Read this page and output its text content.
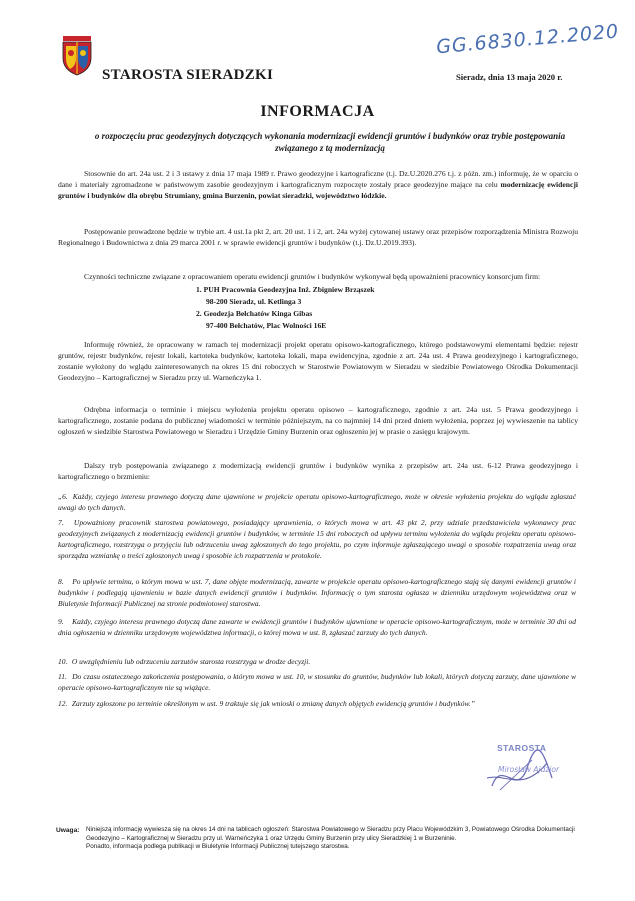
GG.6830.12.2020
STAROSTA SIERADZKI	Sieradz, dnia 13 maja 2020 r.
INFORMACJA
o rozpoczęciu prac geodezyjnych dotyczących wykonania modernizacji ewidencji gruntów i budynków oraz trybie postępowania związanego z tą modernizacją

Stosownie do art. 24a ust. 2 i 3 ustawy z dnia 17 maja 1989 r. Prawo geodezyjne i kartograficzne (t.j. Dz.U.2020.276 t.j. z późn. zm.) informuję, że w oparciu o dane i materiały zgromadzone w państwowym zasobie geodezyjnym i kartograficznym rozpoczęte zostały prace geodezyjne mające na celu modernizację ewidencji gruntów i budynków dla obrębu Strumiany, gmina Burzenin, powiat sieradzki, województwo łódzkie.

Postępowanie prowadzone będzie w trybie art. 4 ust.1a pkt 2, art. 20 ust. 1 i 2, art. 24a wyżej cytowanej ustawy oraz przepisów rozporządzenia Ministra Rozwoju Regionalnego i Budownictwa z dnia 29 marca 2001 r. w sprawie ewidencji gruntów i budynków (t.j. Dz.U.2019.393).

Czynności techniczne związane z opracowaniem operatu ewidencji gruntów i budynków wykonywał będą upoważnieni pracownicy konsorcjum firm:

1. PUH Pracownia Geodezyjna Inż. Zbigniew Brząszek
98-200 Sieradz, ul. Ketlinga 3
2. Geodezja Bełchatów Kinga Gibas
97-400 Bełchatów, Plac Wolności 16E

Informuję również, że opracowany w ramach tej modernizacji projekt operatu opisowo-kartograficznego, którego podstawowymi elementami będzie: rejestr gruntów, rejestr budynków, rejestr lokali, kartoteka budynków, kartoteka lokali, mapa ewidencyjna, zgodnie z art. 24a ust. 4 Prawa geodezyjnego i kartograficznego, zostanie wyłożony do wglądu zainteresowanych na okres 15 dni roboczych w Starostwie Powiatowym w Sieradzu w siedzibie Powiatowego Ośrodka Dokumentacji Geodezyjno – Kartograficznej w Sieradzu przy ul. Warneńczyka 1.

Odrębna informacja o terminie i miejscu wyłożenia projektu operatu opisowo – kartograficznego, zgodnie z art. 24a ust. 5 Prawa geodezyjnego i kartograficznego, zostanie podana do publicznej wiadomości w terminie późniejszym, na co najmniej 14 dni przed dniem wyłożenia, poprzez jej wywieszenie na tablicy ogłoszeń w siedzibie Starostwa Powiatowego w Sieradzu i Urzędzie Gminy Burzenin oraz ogłoszeniu jej w prasie o zasięgu krajowym.

Dalszy tryb postępowania związanego z modernizacją ewidencji gruntów i budynków wynika z przepisów art. 24a ust. 6-12 Prawa geodezyjnego i kartograficznego o brzmieniu:

„6. Każdy, czyjego interesu prawnego dotyczą dane ujawnione w projekcie operatu opisowo-kartograficznego, może w okresie wyłożenia projektu do wglądu zgłaszać uwagi do tych danych.

7. Upoważniony pracownik starostwa powiatowego, posiadający uprawnienia, o których mowa w art. 43 pkt 2, przy udziale przedstawiciela wykonawcy prac geodezyjnych związanych z modernizacją ewidencji gruntów i budynków, w terminie 15 dni roboczych od upływu terminu wyłożenia do wglądu projektu operatu opisowo-kartograficznego, rozstrzyga o przyjęciu lub odrzuceniu uwag zgłoszonych do tego projektu, po czym informuje zgłaszającego uwagi o sposobie rozpatrzenia uwag oraz sporządza wzmiankę o treści zgłoszonych uwag i sposobie ich rozpatrzenia w protokole.

8. Po upływie terminu, o którym mowa w ust. 7, dane objęte modernizacją, zawarte w projekcie operatu opisowo-kartograficznego stają się danymi ewidencji gruntów i budynków i podlegają ujawnieniu w bazie danych ewidencji gruntów i budynków. Informację o tym starosta ogłasza w dzienniku urzędowym województwa oraz w Biuletynie Informacji Publicznej na stronie podmiotowej starostwa.

9. Każdy, czyjego interesu prawnego dotyczą dane zawarte w ewidencji gruntów i budynków ujawnione w operacie opisowo-kartograficznym, może w terminie 30 dni od dnia ogłoszenia w dzienniku urzędowym województwa informacji, o której mowa w ust. 8, zgłaszać zarzuty do tych danych.

10. O uwzględnieniu lub odrzuceniu zarzutów starosta rozstrzyga w drodze decyzji.

11. Do czasu ostatecznego zakończenia postępowania, o którym mowa w ust. 10, w stosunku do gruntów, budynków lub lokali, których dotyczą zarzuty, dane ujawnione w operacie opisowo-kartograficznym nie są wiążące.

12. Zarzuty zgłoszone po terminie określonym w ust. 9 traktuje się jak wnioski o zmianę danych objętych ewidencją gruntów i budynków.”

STAROSTA
Mirosław Ajdzior
Uwaga: Niniejszą informację wywiesza się na okres 14 dni na tablicach ogłoszeń: Starostwa Powiatowego w Sieradzu przy Placu Wojewódzkim 3, Powiatowego Ośrodka Dokumentacji Geodezyjno – Kartograficznej w Sieradzu przy ul. Warneńczyka 1 oraz Urzędu Gminy Burzenin przy ulicy Sieradzkiej 1 w Burzeninie.
Ponadto, informacja podlega publikacji w Biuletynie Informacji Publicznej tutejszego starostwa.
